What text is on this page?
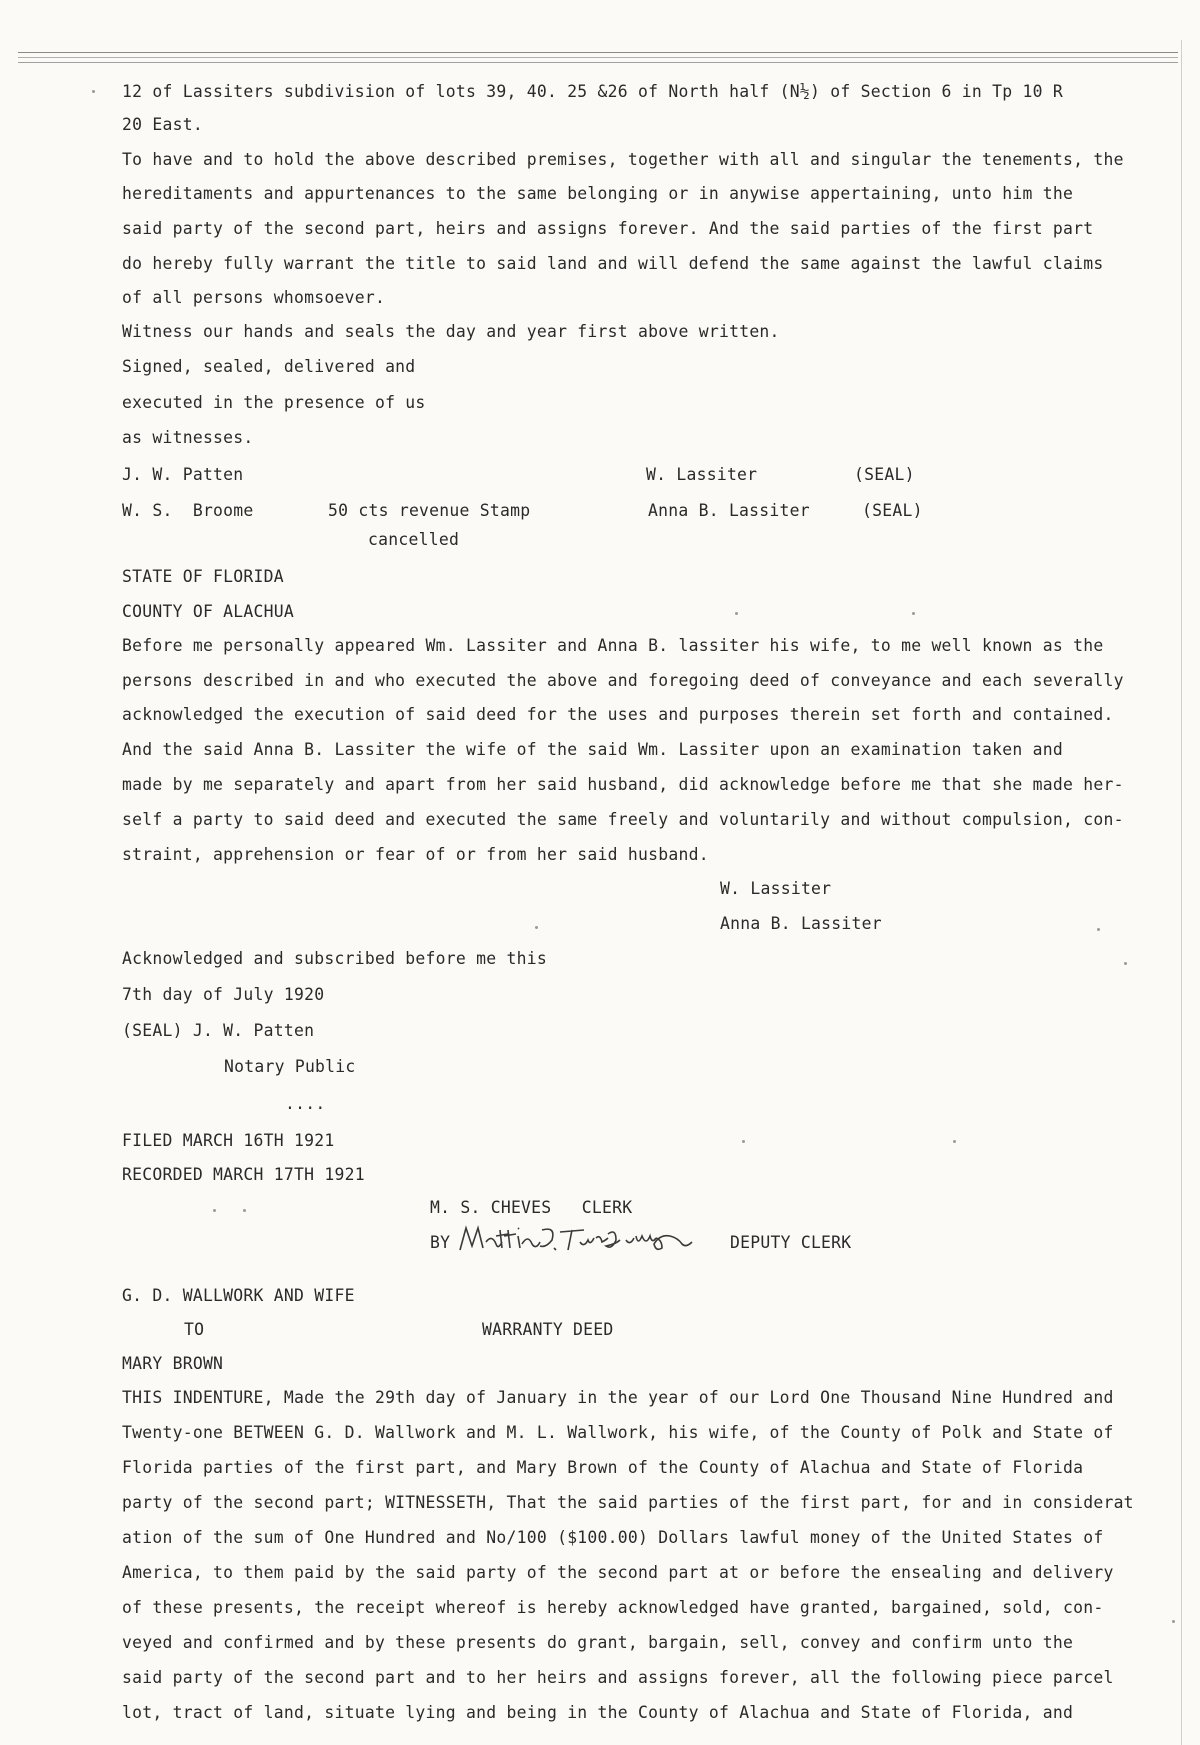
12 of Lassiters subdivision of lots 39, 40. 25 &26 of North half (N½) of Section 6 in Tp 10 R
20 East.
To have and to hold the above described premises, together with all and singular the tenements, the
hereditaments and appurtenances to the same belonging or in anywise appertaining, unto him the
said party of the second part, heirs and assigns forever. And the said parties of the first part
do hereby fully warrant the title to said land and will defend the same against the lawful claims
of all persons whomsoever.
Witness our hands and seals the day and year first above written.
Signed, sealed, delivered and
executed in the presence of us
as witnesses.
J. W. Patten	W. Lassiter	(SEAL)
W. S.  Broome	50 cts revenue Stamp	Anna B. Lassiter	(SEAL)
cancelled
STATE OF FLORIDA
COUNTY OF ALACHUA
Before me personally appeared Wm. Lassiter and Anna B. lassiter his wife, to me well known as the
persons described in and who executed the above and foregoing deed of conveyance and each severally
acknowledged the execution of said deed for the uses and purposes therein set forth and contained.
And the said Anna B. Lassiter the wife of the said Wm. Lassiter upon an examination taken and
made by me separately and apart from her said husband, did acknowledge before me that she made her-
self a party to said deed and executed the same freely and voluntarily and without compulsion, con-
straint, apprehension or fear of or from her said husband.
W. Lassiter
Anna B. Lassiter
Acknowledged and subscribed before me this
7th day of July 1920
(SEAL) J. W. Patten
Notary Public
....
FILED MARCH 16TH 1921
RECORDED MARCH 17TH 1921
M. S. CHEVES   CLERK
BY	DEPUTY CLERK
G. D. WALLWORK AND WIFE
TO	WARRANTY DEED
MARY BROWN
THIS INDENTURE, Made the 29th day of January in the year of our Lord One Thousand Nine Hundred and
Twenty-one BETWEEN G. D. Wallwork and M. L. Wallwork, his wife, of the County of Polk and State of
Florida parties of the first part, and Mary Brown of the County of Alachua and State of Florida
party of the second part; WITNESSETH, That the said parties of the first part, for and in considerat
ation of the sum of One Hundred and No/100 ($100.00) Dollars lawful money of the United States of
America, to them paid by the said party of the second part at or before the ensealing and delivery
of these presents, the receipt whereof is hereby acknowledged have granted, bargained, sold, con-
veyed and confirmed and by these presents do grant, bargain, sell, convey and confirm unto the
said party of the second part and to her heirs and assigns forever, all the following piece parcel
lot, tract of land, situate lying and being in the County of Alachua and State of Florida, and
